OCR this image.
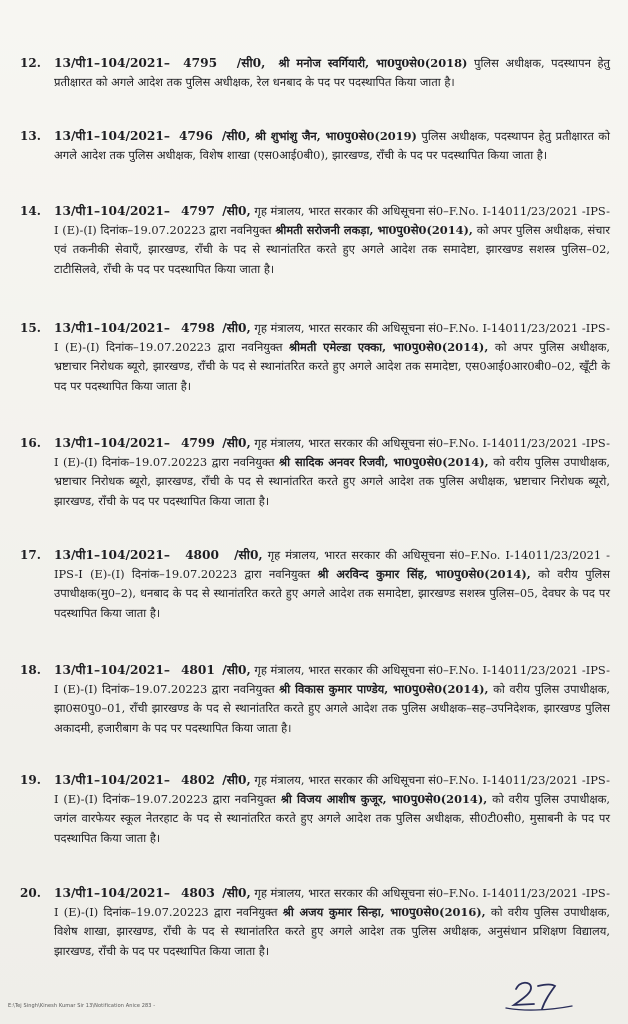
12.	13/पी1–104/2021– 4795 /सी0, श्री मनोज स्वर्गियारी, भा0पु0से0(2018) पुलिस अधीक्षक, पदस्थापन हेतु प्रतीक्षारत को अगले आदेश तक पुलिस अधीक्षक, रेल धनबाद के पद पर पदस्थापित किया जाता है।
13.	13/पी1–104/2021– 4796 /सी0, श्री शुभांशु जैन, भा0पु0से0(2019) पुलिस अधीक्षक, पदस्थापन हेतु प्रतीक्षारत को अगले आदेश तक पुलिस अधीक्षक, विशेष शाखा (एस0आई0बी0), झारखण्ड, राँची के पद पर पदस्थापित किया जाता है।
14.	13/पी1–104/2021– 4797 /सी0, गृह मंत्रालय, भारत सरकार की अधिसूचना सं0–F.No. I-14011/23/2021 -IPS-I (E)-(I) दिनांक–19.07.20223 द्वारा नवनियुक्त श्रीमती सरोजनी लकड़ा, भा0पु0से0(2014), को अपर पुलिस अधीक्षक, संचार एवं तकनीकी सेवाएँ, झारखण्ड, राँची के पद से स्थानांतरित करते हुए अगले आदेश तक समादेष्टा, झारखण्ड सशस्त्र पुलिस–02, टाटीसिलवे, राँची के पद पर पदस्थापित किया जाता है।
15.	13/पी1–104/2021– 4798 /सी0, गृह मंत्रालय, भारत सरकार की अधिसूचना सं0–F.No. I-14011/23/2021 -IPS-I (E)-(I) दिनांक–19.07.20223 द्वारा नवनियुक्त श्रीमती एमेल्डा एक्का, भा0पु0से0(2014), को अपर पुलिस अधीक्षक, भ्रष्टाचार निरोधक ब्यूरो, झारखण्ड, राँची के पद से स्थानांतरित करते हुए अगले आदेश तक समादेष्टा, एस0आई0आर0बी0–02, खूँटी के पद पर पदस्थापित किया जाता है।
16.	13/पी1–104/2021– 4799 /सी0, गृह मंत्रालय, भारत सरकार की अधिसूचना सं0–F.No. I-14011/23/2021 -IPS-I (E)-(I) दिनांक–19.07.20223 द्वारा नवनियुक्त श्री सादिक अनवर रिजवी, भा0पु0से0(2014), को वरीय पुलिस उपाधीक्षक, भ्रष्टाचार निरोधक ब्यूरो, झारखण्ड, राँची के पद से स्थानांतरित करते हुए अगले आदेश तक पुलिस अधीक्षक, भ्रष्टाचार निरोधक ब्यूरो, झारखण्ड, राँची के पद पर पदस्थापित किया जाता है।
17.	13/पी1–104/2021– 4800 /सी0, गृह मंत्रालय, भारत सरकार की अधिसूचना सं0–F.No. I-14011/23/2021 -IPS-I (E)-(I) दिनांक–19.07.20223 द्वारा नवनियुक्त श्री अरविन्द कुमार सिंह, भा0पु0से0(2014), को वरीय पुलिस उपाधीक्षक(मु0–2), धनबाद के पद से स्थानांतरित करते हुए अगले आदेश तक समादेष्टा, झारखण्ड सशस्त्र पुलिस–05, देवघर के पद पर पदस्थापित किया जाता है।
18.	13/पी1–104/2021– 4801 /सी0, गृह मंत्रालय, भारत सरकार की अधिसूचना सं0–F.No. I-14011/23/2021 -IPS-I (E)-(I) दिनांक–19.07.20223 द्वारा नवनियुक्त श्री विकास कुमार पाण्डेय, भा0पु0से0(2014), को वरीय पुलिस उपाधीक्षक, झा0स0पु0–01, राँची झारखण्ड के पद से स्थानांतरित करते हुए अगले आदेश तक पुलिस अधीक्षक–सह–उपनिदेशक, झारखण्ड पुलिस अकादमी, हजारीबाग के पद पर पदस्थापित किया जाता है।
19.	13/पी1–104/2021– 4802 /सी0, गृह मंत्रालय, भारत सरकार की अधिसूचना सं0–F.No. I-14011/23/2021 -IPS-I (E)-(I) दिनांक–19.07.20223 द्वारा नवनियुक्त श्री विजय आशीष कुजूर, भा0पु0से0(2014), को वरीय पुलिस उपाधीक्षक, जगंल वारफेयर स्कूल नेतरहाट के पद से स्थानांतरित करते हुए अगले आदेश तक पुलिस अधीक्षक, सी0टी0सी0, मुसाबनी के पद पर पदस्थापित किया जाता है।
20.	13/पी1–104/2021– 4803 /सी0, गृह मंत्रालय, भारत सरकार की अधिसूचना सं0–F.No. I-14011/23/2021 -IPS-I (E)-(I) दिनांक–19.07.20223 द्वारा नवनियुक्त श्री अजय कुमार सिन्हा, भा0पु0से0(2016), को वरीय पुलिस उपाधीक्षक, विशेष शाखा, झारखण्ड, राँची के पद से स्थानांतरित करते हुए अगले आदेश तक पुलिस अधीक्षक, अनुसंधान प्रशिक्षण विद्यालय, झारखण्ड, राँची के पद पर पदस्थापित किया जाता है।
E:\Tej Singh\Kinesh Kumar Sir 13\Notification Anice 283 -
